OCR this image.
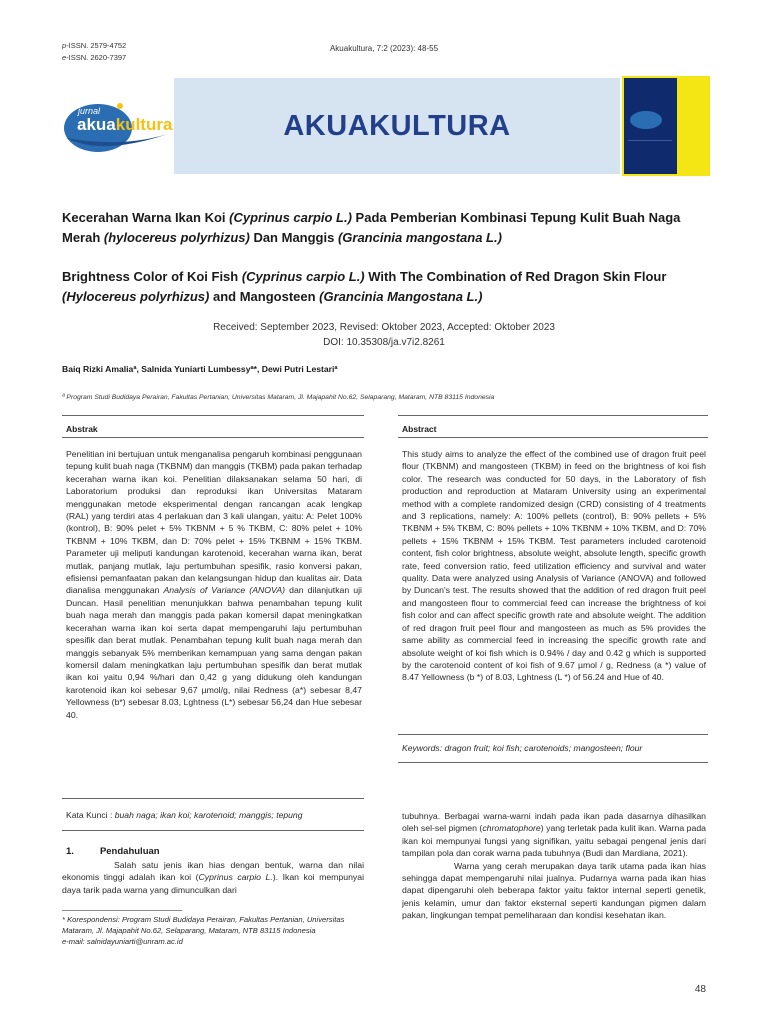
p-ISSN. 2579-4752
e-ISSN. 2620-7397
Akuakultura, 7:2 (2023): 48-55
jurnal
akuakultura	AKUAKULTURA
Kecerahan Warna Ikan Koi (Cyprinus carpio L.) Pada Pemberian Kombinasi Tepung Kulit Buah Naga Merah (hylocereus polyrhizus) Dan Manggis (Grancinia mangostana L.)
Brightness Color of Koi Fish (Cyprinus carpio L.) With The Combination of Red Dragon Skin Flour (Hylocereus polyrhizus) and Mangosteen (Grancinia Mangostana L.)
Received: September 2023, Revised: Oktober 2023, Accepted: Oktober 2023
DOI: 10.35308/ja.v7i2.8261
Baiq Rizki Amaliaª, Salnida Yuniarti Lumbessyª*, Dewi Putri Lestariª
ª Program Studi Budidaya Perairan, Fakultas Pertanian, Universitas Mataram, Jl. Majapahit No.62, Selaparang, Mataram, NTB 83115 Indonesia
Abstrak	Abstract
Penelitian ini bertujuan untuk menganalisa pengaruh kombinasi penggunaan tepung kulit buah naga (TKBNM) dan manggis (TKBM) pada pakan terhadap kecerahan warna ikan koi. Penelitian dilaksanakan selama 50 hari, di Laboratorium produksi dan reproduksi ikan Universitas Mataram menggunakan metode eksperimental dengan rancangan acak lengkap (RAL) yang terdiri atas 4 perlakuan dan 3 kali ulangan, yaitu: A: Pelet 100% (kontrol), B: 90% pelet + 5% TKBNM + 5 % TKBM, C: 80% pelet + 10% TKBNM + 10% TKBM, dan D: 70% pelet + 15% TKBNM + 15% TKBM. Parameter uji meliputi kandungan karotenoid, kecerahan warna ikan, berat mutlak, panjang mutlak, laju pertumbuhan spesifik, rasio konversi pakan, efisiensi pemanfaatan pakan dan kelangsungan hidup dan kualitas air. Data dianalisa menggunakan Analysis of Variance (ANOVA) dan dilanjutkan uji Duncan. Hasil penelitian menunjukkan bahwa penambahan tepung kulit buah naga merah dan manggis pada pakan komersil dapat meningkatkan kecerahan warna ikan koi serta dapat mempengaruhi laju pertumbuhan spesifik dan berat mutlak. Penambahan tepung kulit buah naga merah dan manggis sebanyak 5% memberikan kemampuan yang sama dengan pakan komersil dalam meningkatkan laju pertumbuhan spesifik dan berat mutlak ikan koi yaitu 0,94 %/hari dan 0,42 g yang didukung oleh kandungan karotenoid ikan koi sebesar 9,67 µmol/g, nilai Redness (a*) sebesar 8,47 Yellowness (b*) sebesar 8.03, Lghtness (L*) sebesar 56,24 dan Hue sebesar 40.
Kata Kunci : buah naga; ikan koi; karotenoid; manggis; tepung
This study aims to analyze the effect of the combined use of dragon fruit peel flour (TKBNM) and mangosteen (TKBM) in feed on the brightness of koi fish color. The research was conducted for 50 days, in the Laboratory of fish production and reproduction at Mataram University using an experimental method with a complete randomized design (CRD) consisting of 4 treatments and 3 replications, namely: A: 100% pellets (control), B: 90% pellets + 5% TKBNM + 5% TKBM, C: 80% pellets + 10% TKBNM + 10% TKBM, and D: 70% pellets + 15% TKBNM + 15% TKBM. Test parameters included carotenoid content, fish color brightness, absolute weight, absolute length, specific growth rate, feed conversion ratio, feed utilization efficiency and survival and water quality. Data were analyzed using Analysis of Variance (ANOVA) and followed by Duncan's test. The results showed that the addition of red dragon fruit peel and mangosteen flour to commercial feed can increase the brightness of koi fish color and can affect specific growth rate and absolute weight. The addition of red dragon fruit peel flour and mangosteen as much as 5% provides the same ability as commercial feed in increasing the specific growth rate and absolute weight of koi fish which is 0.94% / day and 0.42 g which is supported by the carotenoid content of koi fish of 9.67 µmol / g, Redness (a *) value of 8.47 Yellowness (b *) of 8.03, Lghtness (L *) of 56.24 and Hue of 40.
Keywords: dragon fruit; koi fish; carotenoids; mangosteen; flour
1.	Pendahuluan
Salah satu jenis ikan hias dengan bentuk, warna dan nilai ekonomis tinggi adalah ikan koi (Cyprinus carpio L.). Ikan koi mempunyai daya tarik pada warna yang dimunculkan dari
* Korespondensi: Program Studi Budidaya Perairan, Fakultas Pertanian, Universitas Mataram, Jl. Majapahit No.62, Selaparang, Mataram, NTB 83115 Indonesia
e-mail: salnidayuniarti@unram.ac.id
tubuhnya. Berbagai warna-warni indah pada ikan pada dasarnya dihasilkan oleh sel-sel pigmen (chromatophore) yang terletak pada kulit ikan. Warna pada ikan koi mempunyai fungsi yang signifikan, yaitu sebagai pengenal jenis dari tampilan pola dan corak warna pada tubuhnya (Budi dan Mardiana, 2021).
Warna yang cerah merupakan daya tarik utama pada ikan hias sehingga dapat mempengaruhi nilai jualnya. Pudarnya warna pada ikan hias dapat dipengaruhi oleh beberapa faktor yaitu faktor internal seperti genetik, jenis kelamin, umur dan faktor eksternal seperti kandungan pigmen dalam pakan, lingkungan tempat pemeliharaan dan kondisi kesehatan ikan.
48
